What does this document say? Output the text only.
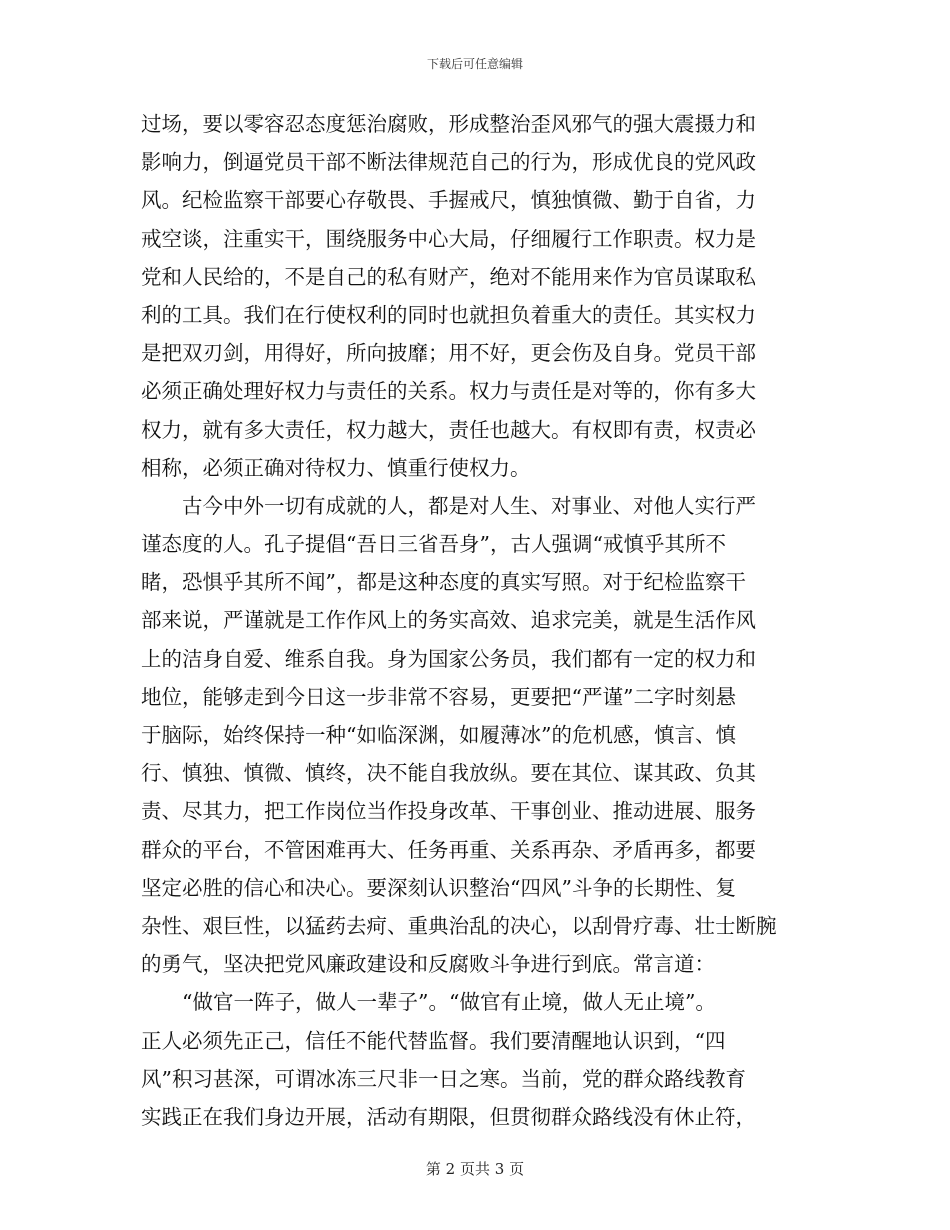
下载后可任意编辑
过场，要以零容忍态度惩治腐败，形成整治歪风邪气的强大震摄力和
影响力，倒逼党员干部不断法律规范自己的行为，形成优良的党风政
风。纪检监察干部要心存敬畏、手握戒尺，慎独慎微、勤于自省，力
戒空谈，注重实干，围绕服务中心大局，仔细履行工作职责。权力是
党和人民给的，不是自己的私有财产，绝对不能用来作为官员谋取私
利的工具。我们在行使权利的同时也就担负着重大的责任。其实权力
是把双刃剑，用得好，所向披靡；用不好，更会伤及自身。党员干部
必须正确处理好权力与责任的关系。权力与责任是对等的，你有多大
权力，就有多大责任，权力越大，责任也越大。有权即有责，权责必
相称，必须正确对待权力、慎重行使权力。
　　古今中外一切有成就的人，都是对人生、对事业、对他人实行严
谨态度的人。孔子提倡“吾日三省吾身”，古人强调“戒慎乎其所不
睹，恐惧乎其所不闻”，都是这种态度的真实写照。对于纪检监察干
部来说，严谨就是工作作风上的务实高效、追求完美，就是生活作风
上的洁身自爱、维系自我。身为国家公务员，我们都有一定的权力和
地位，能够走到今日这一步非常不容易，更要把“严谨”二字时刻悬
于脑际，始终保持一种“如临深渊，如履薄冰”的危机感，慎言、慎
行、慎独、慎微、慎终，决不能自我放纵。要在其位、谋其政、负其
责、尽其力，把工作岗位当作投身改革、干事创业、推动进展、服务
群众的平台，不管困难再大、任务再重、关系再杂、矛盾再多，都要
坚定必胜的信心和决心。要深刻认识整治“四风”斗争的长期性、复
杂性、艰巨性，以猛药去疴、重典治乱的决心，以刮骨疗毒、壮士断腕
的勇气，坚决把党风廉政建设和反腐败斗争进行到底。常言道：
　　“做官一阵子，做人一辈子”。“做官有止境，做人无止境”。
正人必须先正己，信任不能代替监督。我们要清醒地认识到，“四
风”积习甚深，可谓冰冻三尺非一日之寒。当前，党的群众路线教育
实践正在我们身边开展，活动有期限，但贯彻群众路线没有休止符，
第 2 页共 3 页
